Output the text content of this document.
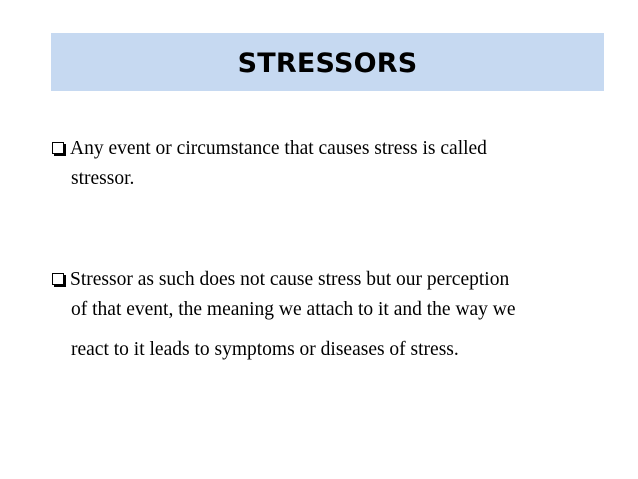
STRESSORS
Any event or circumstance that causes stress is called
stressor.
Stressor as such does not cause stress but our perception
of that event, the meaning we attach to it and the way we
react to it leads to symptoms or diseases of stress.
